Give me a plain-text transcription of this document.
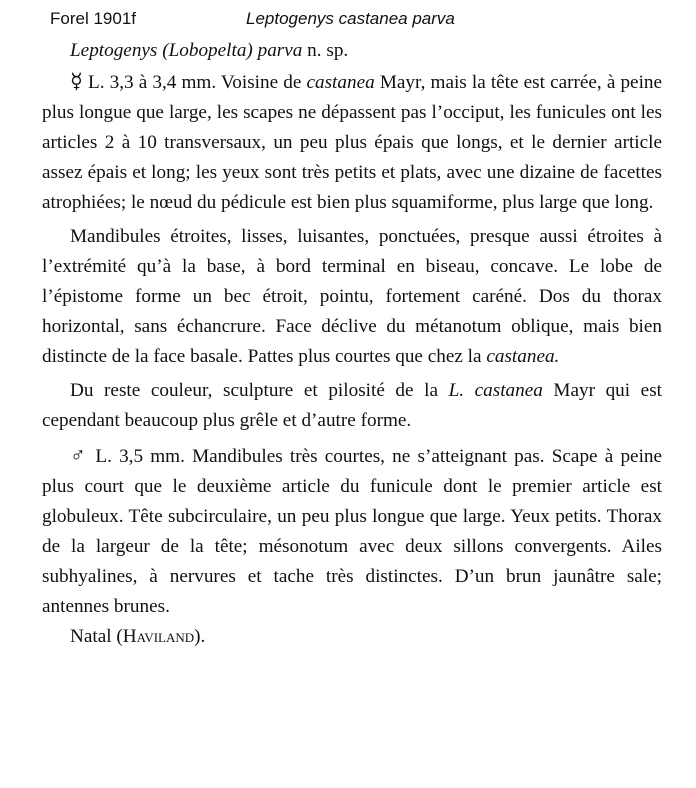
Forel 1901f	Leptogenys castanea parva

Leptogenys (Lobopelta) parva n. sp.

☿ L. 3,3 à 3,4 mm. Voisine de castanea Mayr, mais la tête est carrée, à peine plus longue que large, les scapes ne dépassent pas l’occiput, les funicules ont les articles 2 à 10 transversaux, un peu plus épais que longs, et le dernier article assez épais et long; les yeux sont très petits et plats, avec une dizaine de facettes atrophiées; le nœud du pédicule est bien plus squamiforme, plus large que long.

Mandibules étroites, lisses, luisantes, ponctuées, presque aussi étroites à l’extrémité qu’à la base, à bord terminal en biseau, concave. Le lobe de l’épistome forme un bec étroit, pointu, fortement caréné. Dos du thorax horizontal, sans échancrure. Face déclive du métanotum oblique, mais bien distincte de la face basale. Pattes plus courtes que chez la castanea.

Du reste couleur, sculpture et pilosité de la L. castanea Mayr qui est cependant beaucoup plus grêle et d’autre forme.

♂ L. 3,5 mm. Mandibules très courtes, ne s’atteignant pas. Scape à peine plus court que le deuxième article du funicule dont le premier article est globuleux. Tête subcirculaire, un peu plus longue que large. Yeux petits. Thorax de la largeur de la tête; mésonotum avec deux sillons convergents. Ailes subhyalines, à nervures et tache très distinctes. D’un brun jaunâtre sale; antennes brunes.

Natal (Haviland).
